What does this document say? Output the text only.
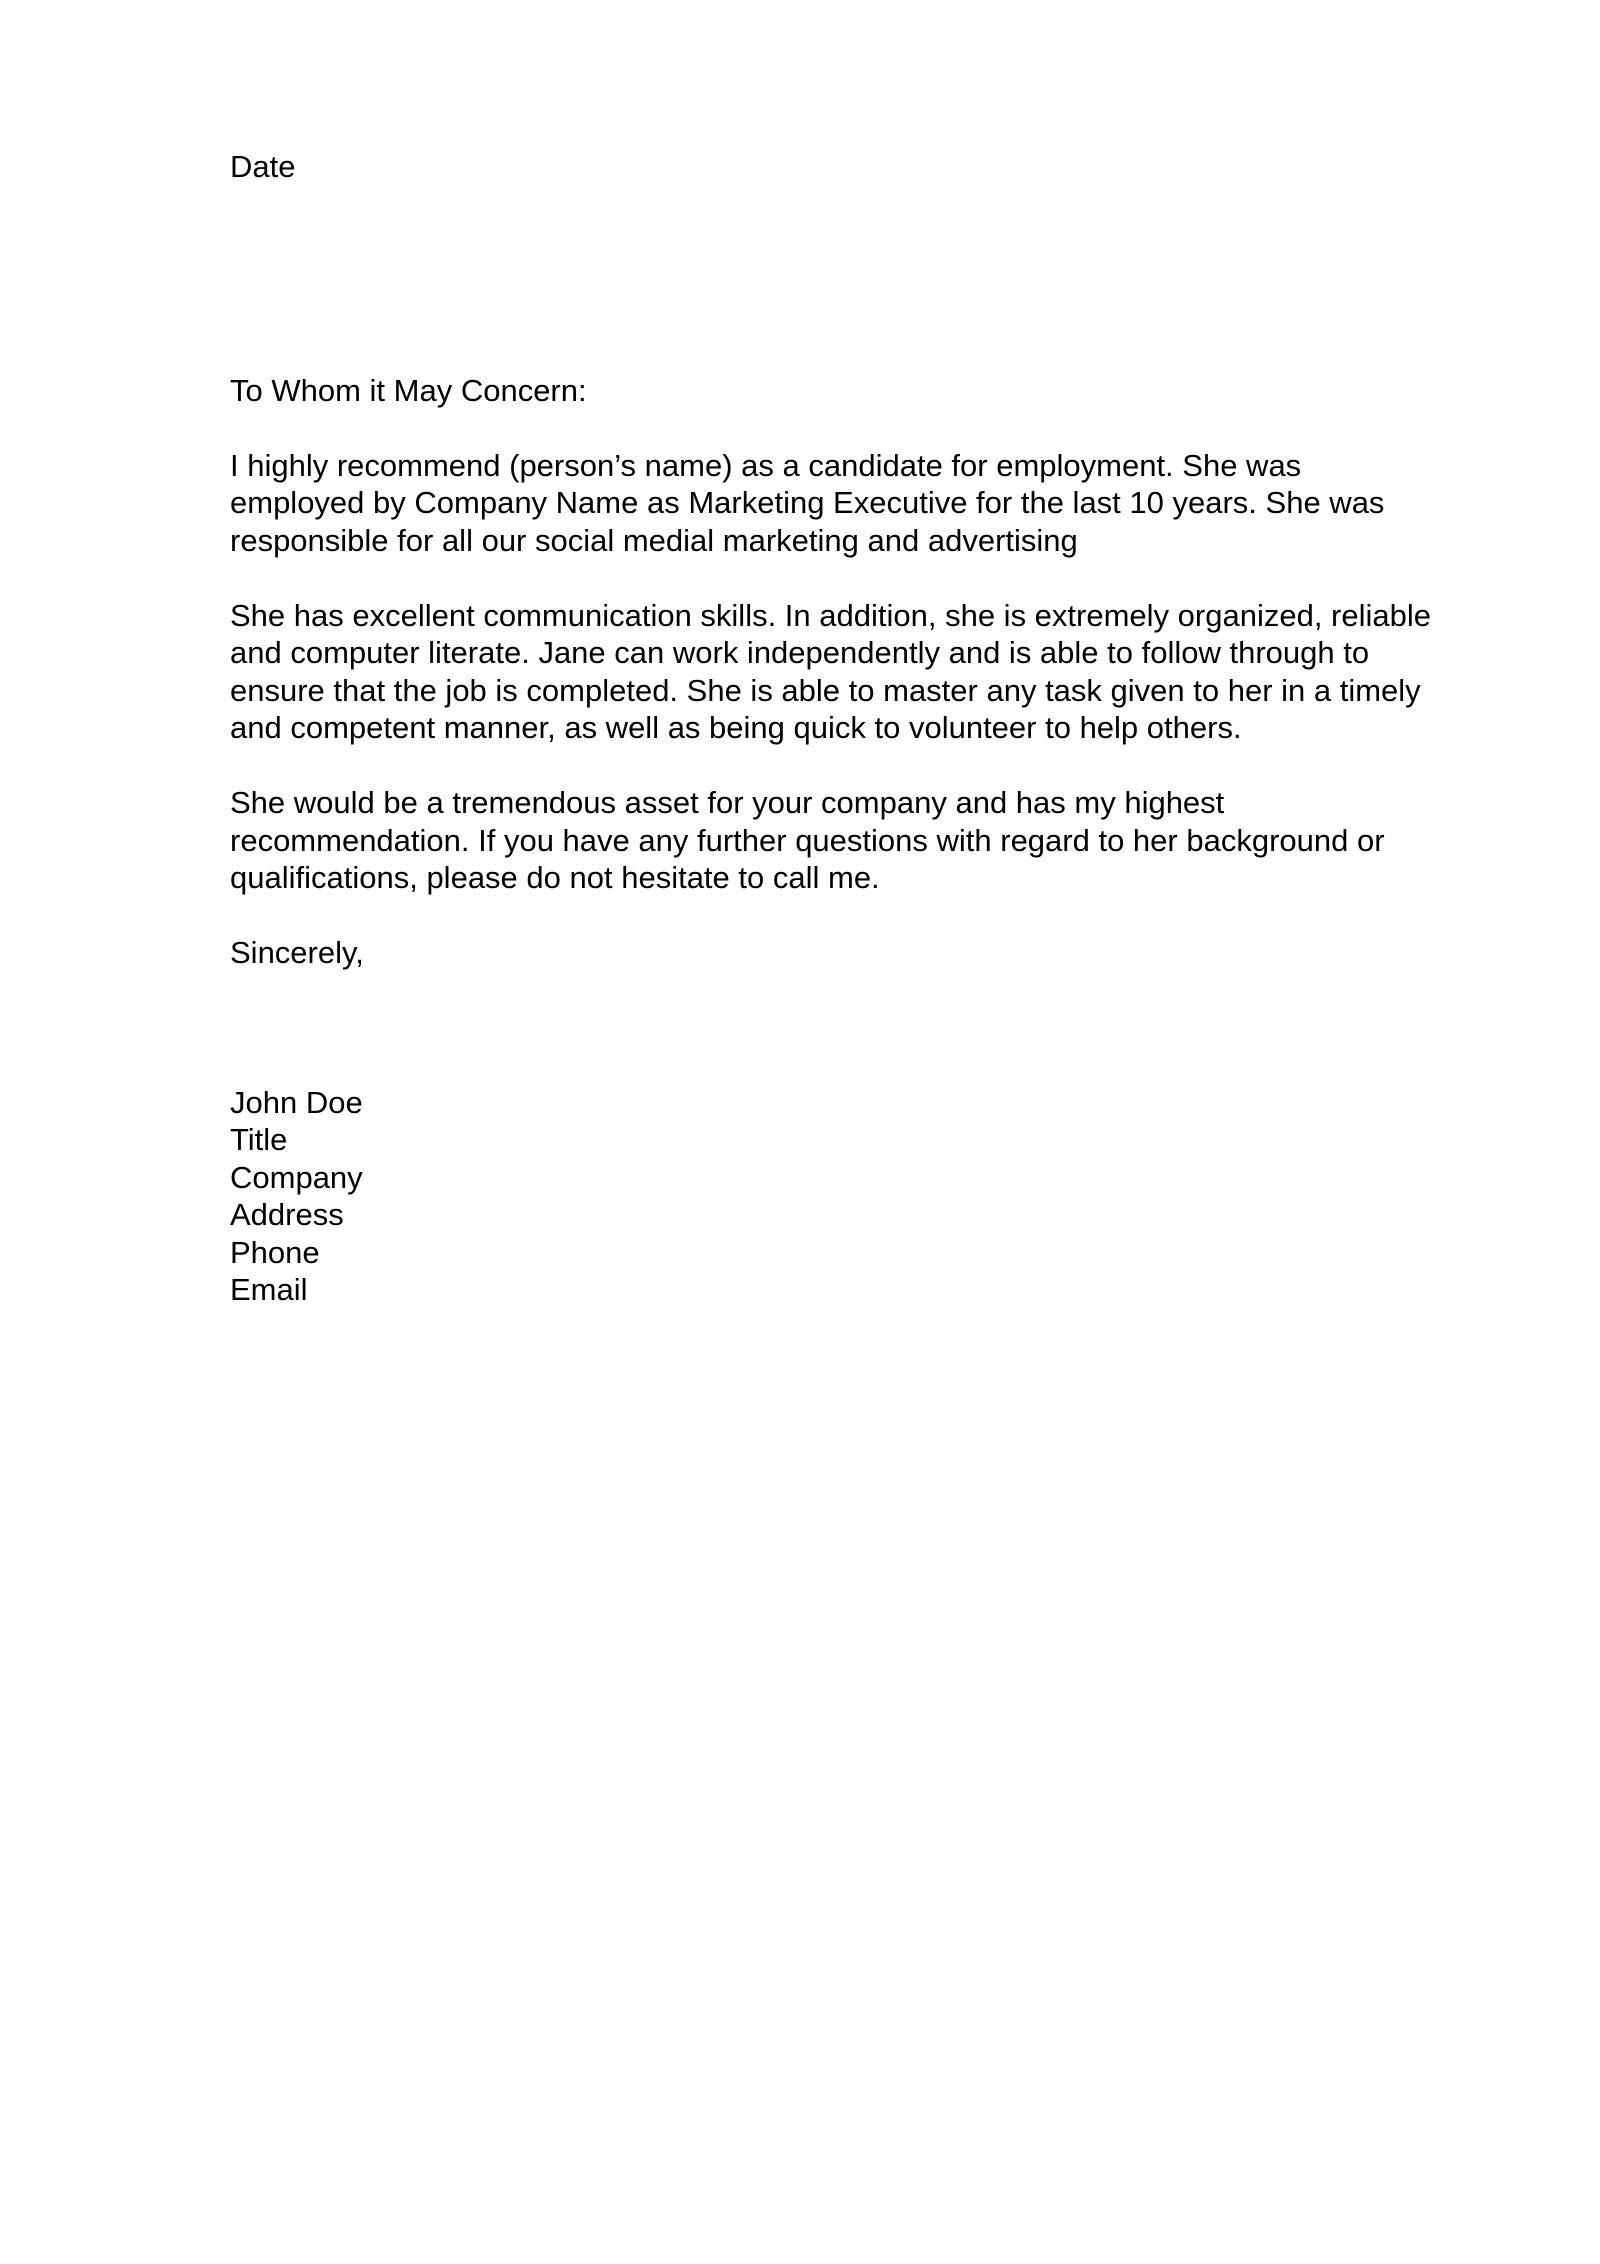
Date
To Whom it May Concern:
I highly recommend (person’s name) as a candidate for employment. She was
employed by Company Name as Marketing Executive for the last 10 years. She was
responsible for all our social medial marketing and advertising
She has excellent communication skills. In addition, she is extremely organized, reliable
and computer literate. Jane can work independently and is able to follow through to
ensure that the job is completed. She is able to master any task given to her in a timely
and competent manner, as well as being quick to volunteer to help others.
She would be a tremendous asset for your company and has my highest
recommendation. If you have any further questions with regard to her background or
qualifications, please do not hesitate to call me.
Sincerely,
John Doe
Title
Company
Address
Phone
Email
